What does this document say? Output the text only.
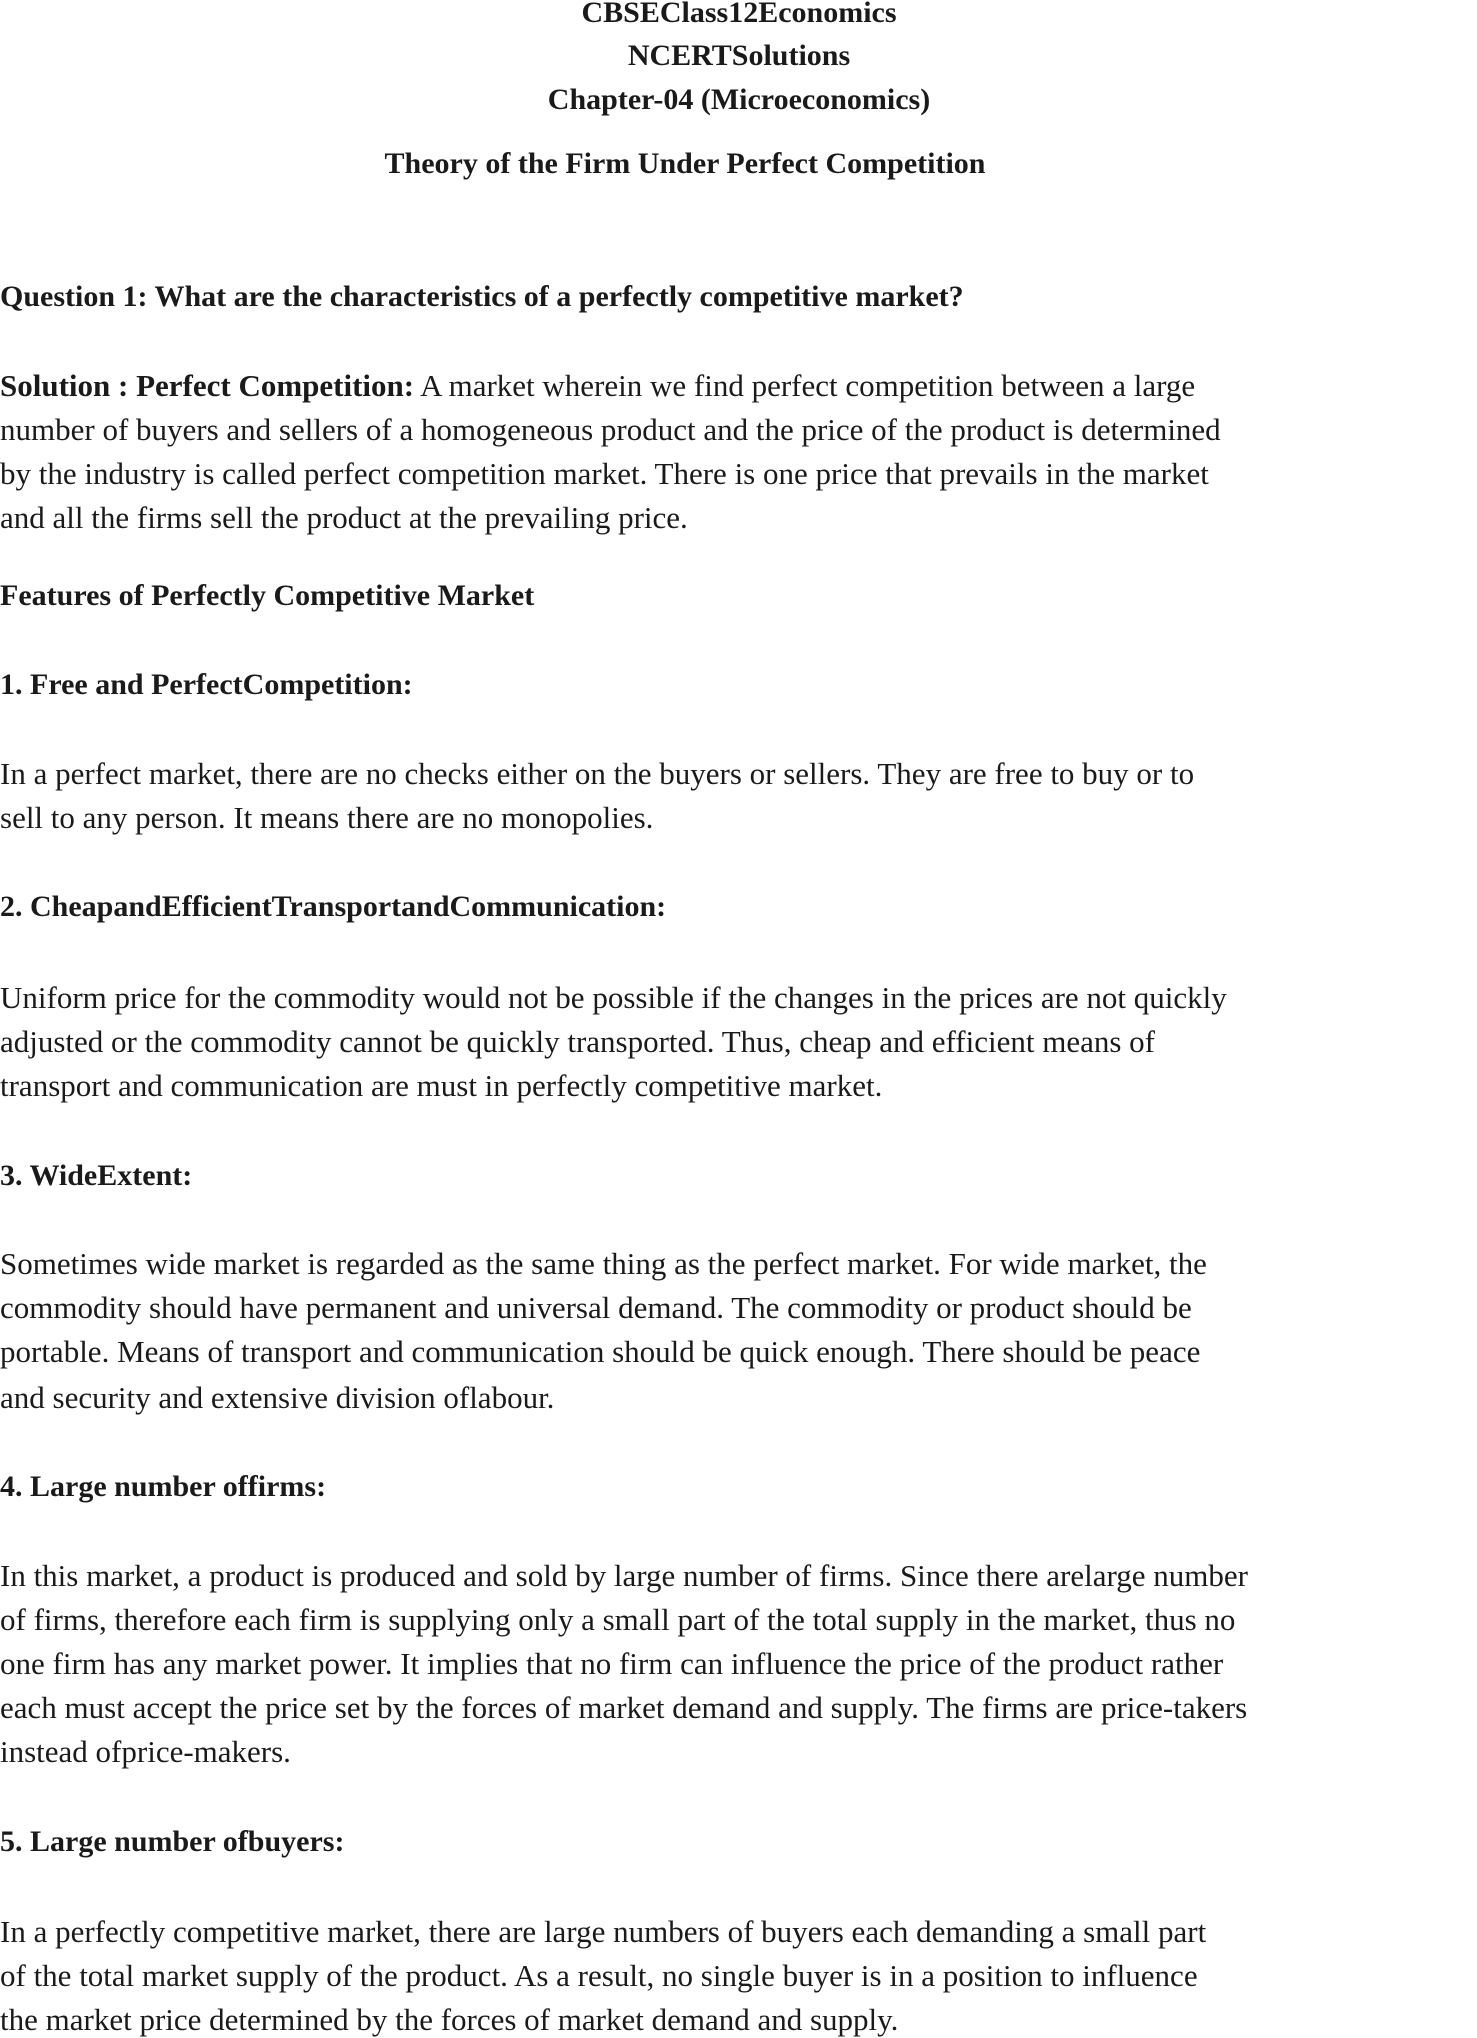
CBSEClass12Economics
NCERTSolutions
Chapter-04 (Microeconomics)
Theory of the Firm Under Perfect Competition
Question 1: What are the characteristics of a perfectly competitive market?
Solution : Perfect Competition: A market wherein we find perfect competition between a large
number of buyers and sellers of a homogeneous product and the price of the product is determined
by the industry is called perfect competition market. There is one price that prevails in the market
and all the firms sell the product at the prevailing price.
Features of Perfectly Competitive Market
1. Free and PerfectCompetition:
In a perfect market, there are no checks either on the buyers or sellers. They are free to buy or to
sell to any person. It means there are no monopolies.
2. CheapandEfficientTransportandCommunication:
Uniform price for the commodity would not be possible if the changes in the prices are not quickly
adjusted or the commodity cannot be quickly transported. Thus, cheap and efficient means of
transport and communication are must in perfectly competitive market.
3. WideExtent:
Sometimes wide market is regarded as the same thing as the perfect market. For wide market, the
commodity should have permanent and universal demand. The commodity or product should be
portable. Means of transport and communication should be quick enough. There should be peace
and security and extensive division oflabour.
4. Large number offirms:
In this market, a product is produced and sold by large number of firms. Since there arelarge number
of firms, therefore each firm is supplying only a small part of the total supply in the market, thus no
one firm has any market power. It implies that no firm can influence the price of the product rather
each must accept the price set by the forces of market demand and supply. The firms are price-takers
instead ofprice-makers.
5. Large number ofbuyers:
In a perfectly competitive market, there are large numbers of buyers each demanding a small part
of the total market supply of the product. As a result, no single buyer is in a position to influence
the market price determined by the forces of market demand and supply.
